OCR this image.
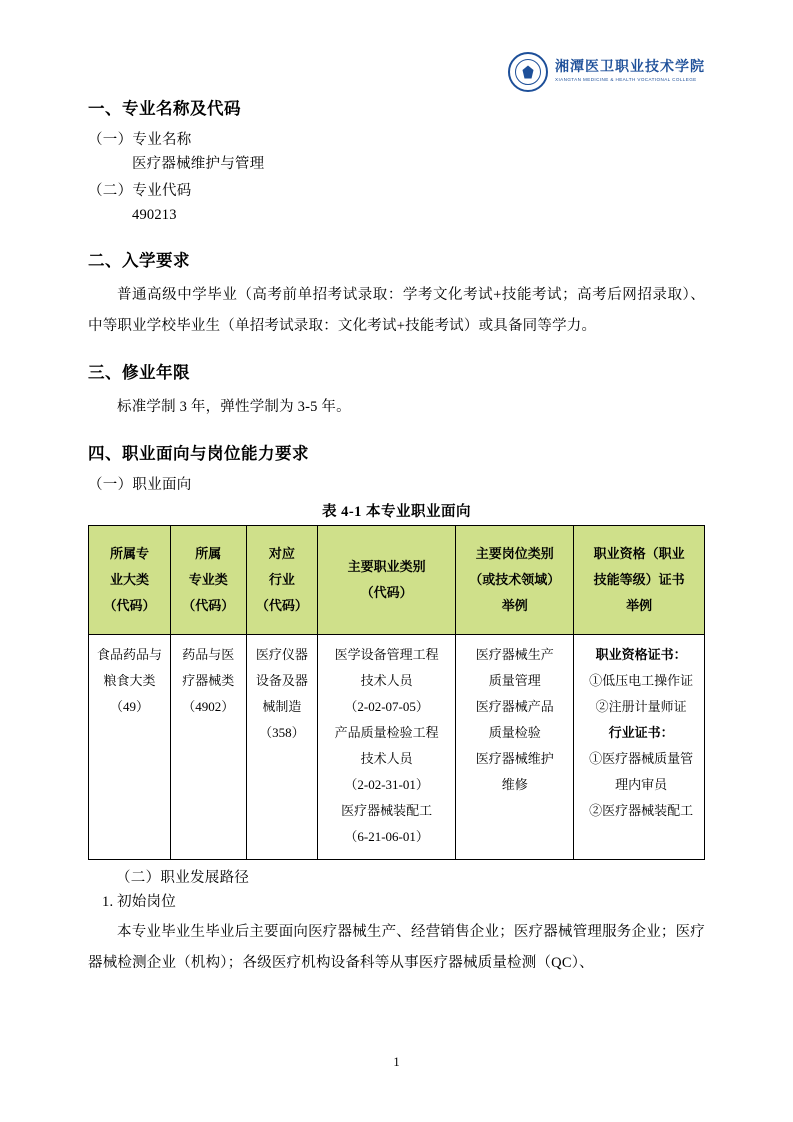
湘潭医卫职业技术学院
XIANGTAN MEDICINE & HEALTH VOCATIONAL COLLEGE
一、专业名称及代码

（一）专业名称

医疗器械维护与管理

（二）专业代码

490213

二、入学要求

普通高级中学毕业（高考前单招考试录取：学考文化考试+技能考试；高考后网招录取）、中等职业学校毕业生（单招考试录取：文化考试+技能考试）或具备同等学力。

三、修业年限

标准学制 3 年，弹性学制为 3-5 年。

四、职业面向与岗位能力要求

（一）职业面向

表 4-1 本专业职业面向

所属专
业大类
（代码）	所属
专业类
（代码）	对应
行业
（代码）	主要职业类别
（代码）	主要岗位类别
（或技术领域）
举例	职业资格（职业
技能等级）证书
举例

食品药品与
粮食大类
（49）

药品与医
疗器械类
（4902）

医疗仪器
设备及器
械制造
（358）

医学设备管理工程
技术人员
（2-02-07-05）
产品质量检验工程
技术人员
（2-02-31-01）
医疗器械装配工
（6-21-06-01）

医疗器械生产
质量管理
医疗器械产品
质量检验
医疗器械维护
维修

职业资格证书：
①低压电工操作证
②注册计量师证
行业证书：
①医疗器械质量管
理内审员
②医疗器械装配工

（二）职业发展路径

1. 初始岗位

本专业毕业生毕业后主要面向医疗器械生产、经营销售企业；医疗器械管理服务企业；医疗器械检测企业（机构）；各级医疗机构设备科等从事医疗器械质量检测（QC）、

1
